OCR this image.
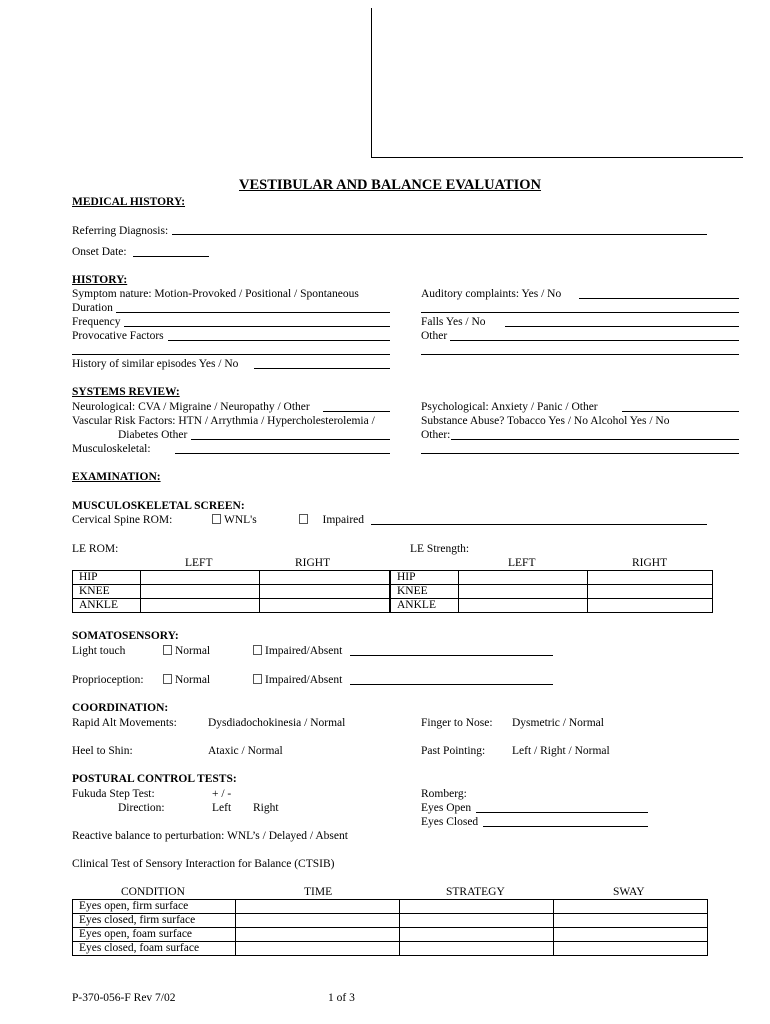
VESTIBULAR AND BALANCE EVALUATION
MEDICAL HISTORY:
Referring Diagnosis:
Onset Date:
HISTORY:
Symptom nature: Motion-Provoked / Positional / Spontaneous
Duration
Frequency
Provocative Factors
History of similar episodes Yes / No
Auditory complaints: Yes / No
Falls Yes / No
Other
SYSTEMS REVIEW:
Neurological: CVA / Migraine / Neuropathy / Other
Vascular Risk Factors: HTN / Arrythmia / Hypercholesterolemia /
Diabetes Other
Musculoskeletal:
Psychological: Anxiety / Panic / Other
Substance Abuse? Tobacco Yes / No Alcohol Yes / No
Other:
EXAMINATION:
MUSCULOSKELETAL SCREEN:
Cervical Spine ROM:	WNL's	Impaired
LE ROM:	LE Strength:
LEFT	RIGHT	LEFT	RIGHT
HIP		
KNEE		
ANKLE		
HIP		
KNEE		
ANKLE		
SOMATOSENSORY:
Light touch	Normal	Impaired/Absent
Proprioception:	Normal	Impaired/Absent
COORDINATION:
Rapid Alt Movements:	Dysdiadochokinesia / Normal	Finger to Nose: Dysmetric / Normal
Heel to Shin:	Ataxic / Normal	Past Pointing: Left / Right / Normal
POSTURAL CONTROL TESTS:
Fukuda Step Test:	+ / -
Direction:	Left Right
Romberg:
Eyes Open
Eyes Closed
Reactive balance to perturbation: WNL’s / Delayed / Absent
Clinical Test of Sensory Interaction for Balance (CTSIB)
CONDITION	TIME	STRATEGY	SWAY
Eyes open, firm surface			
Eyes closed, firm surface			
Eyes open, foam surface			
Eyes closed, foam surface			
P-370-056-F Rev 7/02	1 of 3
